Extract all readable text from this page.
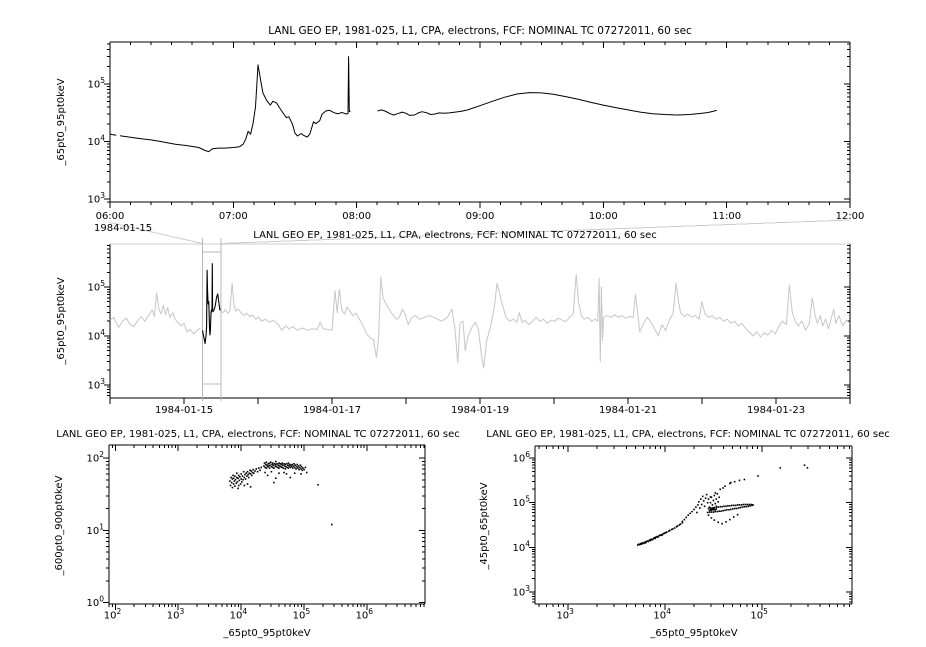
$10^3$
$10^4$
$10^5$
06:00	07:00	08:00	09:00	10:00	11:00	12:00
1984-01-15
_65pt0_95pt0keV
$10^3$
$10^4$
$10^5$
1984-01-15	1984-01-17	1984-01-19	1984-01-21	1984-01-23
_65pt0_95pt0keV
$10^0$
$10^1$
$10^2$
$10^2$	$10^3$	$10^4$	$10^5$	$10^6$
_600pt0_900pt0keV
_65pt0_95pt0keV
$10^3$
$10^4$
$10^5$
$10^6$
$10^3$	$10^4$	$10^5$
_45pt0_65pt0keV
_65pt0_95pt0keV
LANL GEO EP, 1981-025, L1, CPA, electrons, FCF: NOMINAL TC 07272011, 60 sec
LANL GEO EP, 1981-025, L1, CPA, electrons, FCF: NOMINAL TC 07272011, 60 sec
LANL GEO EP, 1981-025, L1, CPA, electrons, FCF: NOMINAL TC 07272011, 60 sec	LANL GEO EP, 1981-025, L1, CPA, electrons, FCF: NOMINAL TC 07272011, 60 sec
